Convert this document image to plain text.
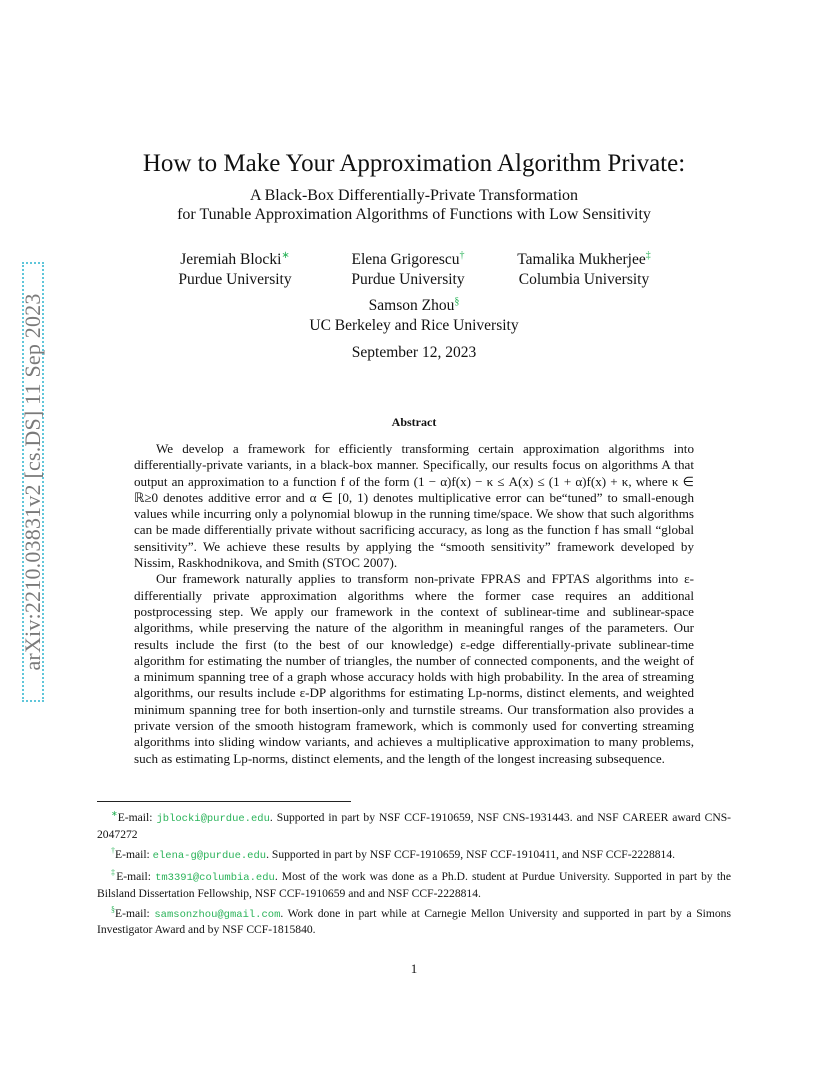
arXiv:2210.03831v2 [cs.DS] 11 Sep 2023
How to Make Your Approximation Algorithm Private:
A Black-Box Differentially-Private Transformation
for Tunable Approximation Algorithms of Functions with Low Sensitivity
Jeremiah Blocki∗
Purdue University
Elena Grigorescu†
Purdue University
Tamalika Mukherjee‡
Columbia University
Samson Zhou§
UC Berkeley and Rice University
September 12, 2023
Abstract

We develop a framework for efficiently transforming certain approximation algorithms into differentially-private variants, in a black-box manner. Specifically, our results focus on algorithms A that output an approximation to a function f of the form (1 − α)f(x) − κ ≤ A(x) ≤ (1 + α)f(x) + κ, where κ ∈ ℝ≥0 denotes additive error and α ∈ [0, 1) denotes multiplicative error can be“tuned” to small-enough values while incurring only a polynomial blowup in the running time/space. We show that such algorithms can be made differentially private without sacrificing accuracy, as long as the function f has small “global sensitivity”. We achieve these results by applying the “smooth sensitivity” framework developed by Nissim, Raskhodnikova, and Smith (STOC 2007).

Our framework naturally applies to transform non-private FPRAS and FPTAS algorithms into ε-differentially private approximation algorithms where the former case requires an additional postprocessing step. We apply our framework in the context of sublinear-time and sublinear-space algorithms, while preserving the nature of the algorithm in meaningful ranges of the parameters. Our results include the first (to the best of our knowledge) ε-edge differentially-private sublinear-time algorithm for estimating the number of triangles, the number of connected components, and the weight of a minimum spanning tree of a graph whose accuracy holds with high probability. In the area of streaming algorithms, our results include ε-DP algorithms for estimating Lp-norms, distinct elements, and weighted minimum spanning tree for both insertion-only and turnstile streams. Our transformation also provides a private version of the smooth histogram framework, which is commonly used for converting streaming algorithms into sliding window variants, and achieves a multiplicative approximation to many problems, such as estimating Lp-norms, distinct elements, and the length of the longest increasing subsequence.

∗E-mail: jblocki@purdue.edu. Supported in part by NSF CCF-1910659, NSF CNS-1931443. and NSF CAREER award CNS-2047272

†E-mail: elena-g@purdue.edu. Supported in part by NSF CCF-1910659, NSF CCF-1910411, and NSF CCF-2228814.

‡E-mail: tm3391@columbia.edu. Most of the work was done as a Ph.D. student at Purdue University. Supported in part by the Bilsland Dissertation Fellowship, NSF CCF-1910659 and and NSF CCF-2228814.

§E-mail: samsonzhou@gmail.com. Work done in part while at Carnegie Mellon University and supported in part by a Simons Investigator Award and by NSF CCF-1815840.

1
